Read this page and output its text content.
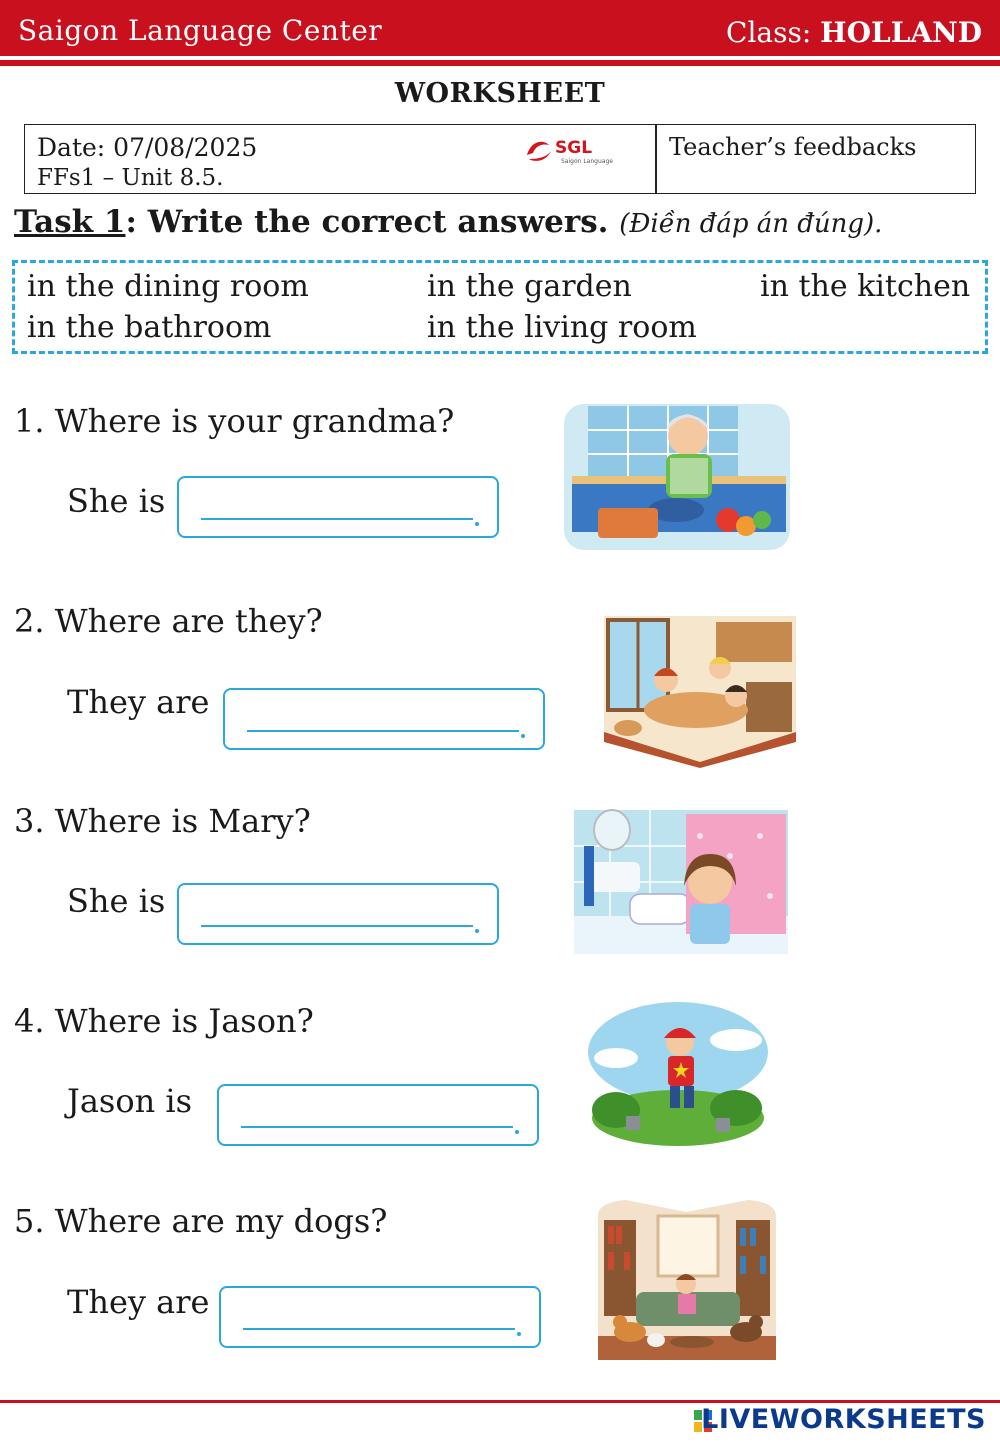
Saigon Language Center	Class: HOLLAND
WORKSHEET
Date: 07/08/2025
FFs1 – Unit 8.5.
SGL
Saigon Language
Teacher’s feedbacks
Task 1: Write the correct answers. (Điền đáp án đúng).
in the dining room	in the garden	in the kitchen
in the bathroom	in the living room
1. Where is your grandma?
She is
2. Where are they?
They are
3. Where is Mary?
She is
4. Where is Jason?
Jason is
5. Where are my dogs?
They are
LIVEWORKSHEETS
